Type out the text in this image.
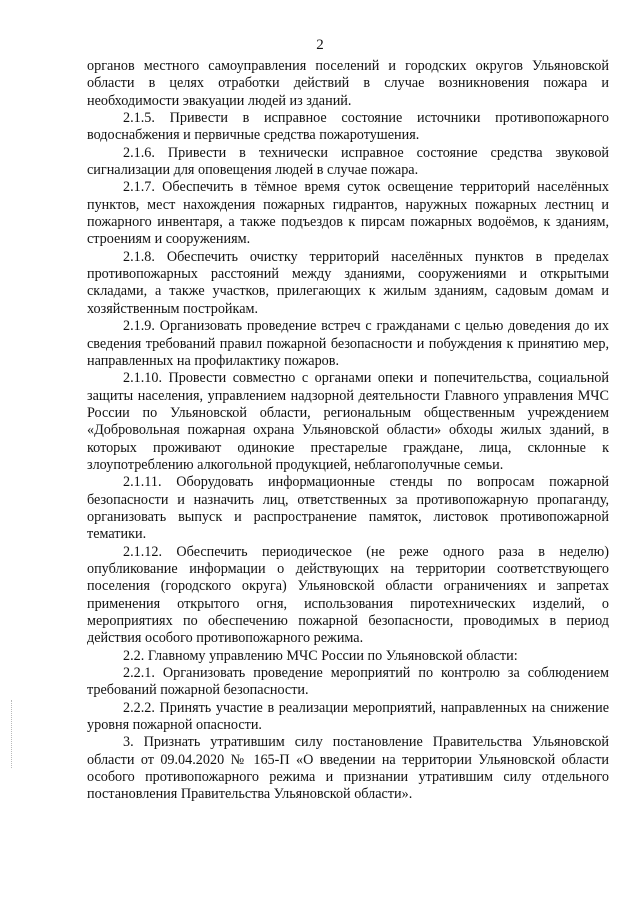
2

органов местного самоуправления поселений и городских округов Ульяновской области в целях отработки действий в случае возникновения пожара и необходимости эвакуации людей из зданий.

2.1.5. Привести в исправное состояние источники противопожарного водоснабжения и первичные средства пожаротушения.

2.1.6. Привести в технически исправное состояние средства звуковой сигнализации для оповещения людей в случае пожара.

2.1.7. Обеспечить в тёмное время суток освещение территорий населённых пунктов, мест нахождения пожарных гидрантов, наружных пожарных лестниц и пожарного инвентаря, а также подъездов к пирсам пожарных водоёмов, к зданиям, строениям и сооружениям.

2.1.8. Обеспечить очистку территорий населённых пунктов в пределах противопожарных расстояний между зданиями, сооружениями и открытыми складами, а также участков, прилегающих к жилым зданиям, садовым домам и хозяйственным постройкам.

2.1.9. Организовать проведение встреч с гражданами с целью доведения до их сведения требований правил пожарной безопасности и побуждения к принятию мер, направленных на профилактику пожаров.

2.1.10. Провести совместно с органами опеки и попечительства, социальной защиты населения, управлением надзорной деятельности Главного управления МЧС России по Ульяновской области, региональным общественным учреждением «Добровольная пожарная охрана Ульяновской области» обходы жилых зданий, в которых проживают одинокие престарелые граждане, лица, склонные к злоупотреблению алкогольной продукцией, неблагополучные семьи.

2.1.11. Оборудовать информационные стенды по вопросам пожарной безопасности и назначить лиц, ответственных за противопожарную пропаганду, организовать выпуск и распространение памяток, листовок противопожарной тематики.

2.1.12. Обеспечить периодическое (не реже одного раза в неделю) опубликование информации о действующих на территории соответствующего поселения (городского округа) Ульяновской области ограничениях и запретах применения открытого огня, использования пиротехнических изделий, о мероприятиях по обеспечению пожарной безопасности, проводимых в период действия особого противопожарного режима.

2.2. Главному управлению МЧС России по Ульяновской области:

2.2.1. Организовать проведение мероприятий по контролю за соблюдением требований пожарной безопасности.

2.2.2. Принять участие в реализации мероприятий, направленных на снижение уровня пожарной опасности.

3. Признать утратившим силу постановление Правительства Ульяновской области от 09.04.2020 № 165-П «О введении на территории Ульяновской области особого противопожарного режима и признании утратившим силу отдельного постановления Правительства Ульяновской области».
